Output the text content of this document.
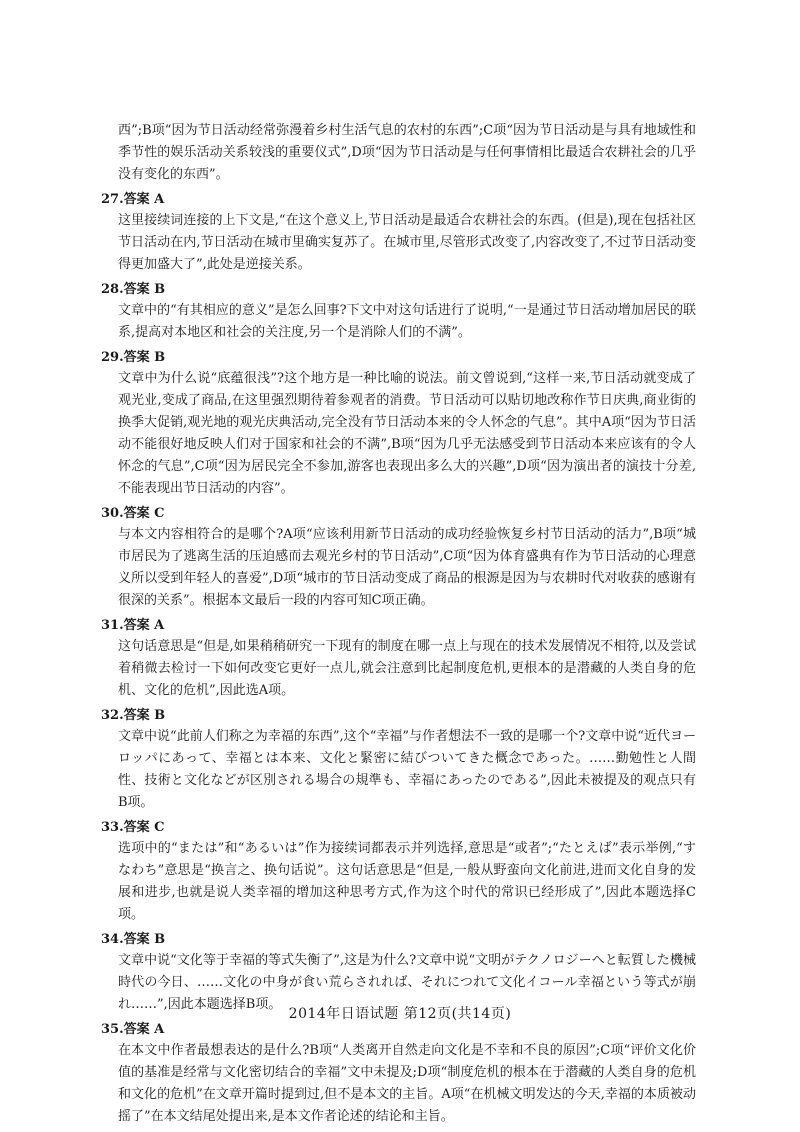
西”;B项“因为节日活动经常弥漫着乡村生活气息的农村的东西”;C项“因为节日活动是与具有地域性和季节性的娱乐活动关系较浅的重要仪式”,D项“因为节日活动是与任何事情相比最适合农耕社会的几乎没有变化的东西”。

27.答案 A

这里接续词连接的上下文是,“在这个意义上,节日活动是最适合农耕社会的东西。(但是),现在包括社区节日活动在内,节日活动在城市里确实复苏了。在城市里,尽管形式改变了,内容改变了,不过节日活动变得更加盛大了”,此处是逆接关系。

28.答案 B

文章中的“有其相应的意义”是怎么回事?下文中对这句话进行了说明,“一是通过节日活动增加居民的联系,提高对本地区和社会的关注度,另一个是消除人们的不满”。

29.答案 B

文章中为什么说“底蕴很浅”?这个地方是一种比喻的说法。前文曾说到,“这样一来,节日活动就变成了观光业,变成了商品,在这里强烈期待着参观者的消费。节日活动可以贴切地改称作节日庆典,商业街的换季大促销,观光地的观光庆典活动,完全没有节日活动本来的令人怀念的气息”。其中A项“因为节日活动不能很好地反映人们对于国家和社会的不满”,B项“因为几乎无法感受到节日活动本来应该有的令人怀念的气息”,C项“因为居民完全不参加,游客也表现出多么大的兴趣”,D项“因为演出者的演技十分差,不能表现出节日活动的内容”。

30.答案 C

与本文内容相符合的是哪个?A项“应该利用新节日活动的成功经验恢复乡村节日活动的活力”,B项“城市居民为了逃离生活的压迫感而去观光乡村的节日活动”,C项“因为体育盛典有作为节日活动的心理意义所以受到年轻人的喜爱”,D项“城市的节日活动变成了商品的根源是因为与农耕时代对收获的感谢有很深的关系”。根据本文最后一段的内容可知C项正确。

31.答案 A

这句话意思是“但是,如果稍稍研究一下现有的制度在哪一点上与现在的技术发展情况不相符,以及尝试着稍微去检讨一下如何改变它更好一点儿,就会注意到比起制度危机,更根本的是潜藏的人类自身的危机、文化的危机”,因此选A项。

32.答案 B

文章中说“此前人们称之为幸福的东西”,这个“幸福”与作者想法不一致的是哪一个?文章中说“近代ヨーロッパにあって、幸福とは本来、文化と緊密に結びついてきた概念であった。……勤勉性と人間性、技術と文化などが区別される場合の規準も、幸福にあったのである”,因此未被提及的观点只有B项。

33.答案 C

选项中的“または”和“あるいは”作为接续词都表示并列选择,意思是“或者”;“たとえば”表示举例,“すなわち”意思是“换言之、换句话说”。这句话意思是“但是,一般从野蛮向文化前进,进而文化自身的发展和进步,也就是说人类幸福的增加这种思考方式,作为这个时代的常识已经形成了”,因此本题选择C项。

34.答案 B

文章中说“文化等于幸福的等式失衡了”,这是为什么?文章中说“文明がテクノロジーへと転質した機械時代の今日、……文化の中身が食い荒らされれば、それにつれて文化イコール幸福という等式が崩れ……”,因此本题选择B项。

35.答案 A

在本文中作者最想表达的是什么?B项“人类离开自然走向文化是不幸和不良的原因”;C项“评价文化价值的基准是经常与文化密切结合的幸福”文中未提及;D项“制度危机的根本在于潜藏的人类自身的危机和文化的危机”在文章开篇时提到过,但不是本文的主旨。A项“在机械文明发达的今天,幸福的本质被动摇了”在本文结尾处提出来,是本文作者论述的结论和主旨。

2014年日语试题 第12页(共14页)
